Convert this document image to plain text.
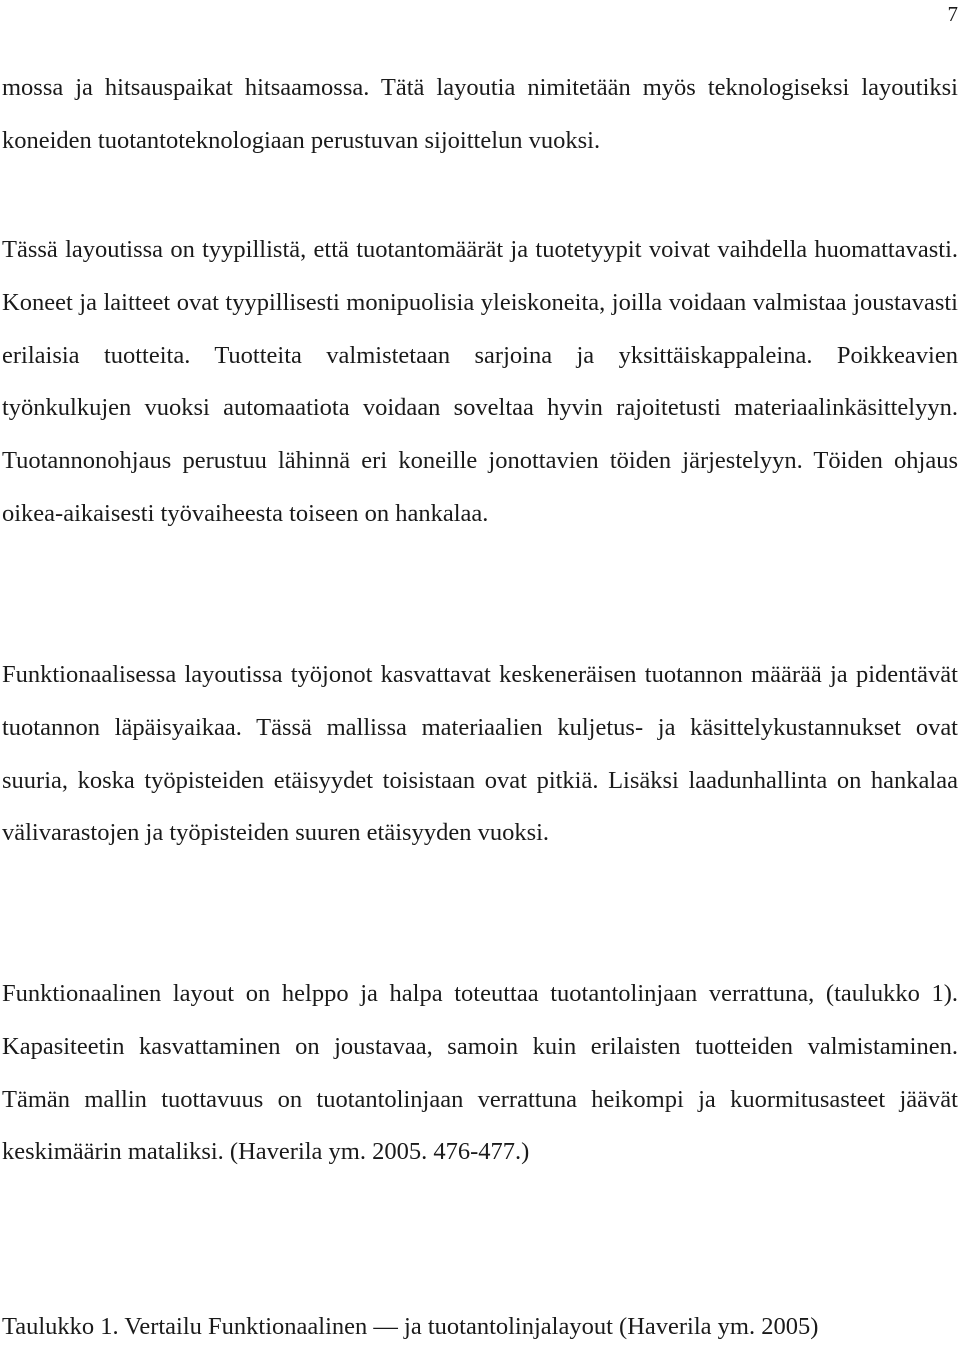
7

mossa ja hitsauspaikat hitsaamossa. Tätä layoutia nimitetään myös teknologiseksi layoutiksi koneiden tuotantoteknologiaan perustuvan sijoittelun vuoksi.

Tässä layoutissa on tyypillistä, että tuotantomäärät ja tuotetyypit voivat vaihdella huomattavasti. Koneet ja laitteet ovat tyypillisesti monipuolisia yleiskoneita, joilla voidaan valmistaa joustavasti erilaisia tuotteita. Tuotteita valmistetaan sarjoina ja yksittäiskappaleina. Poikkeavien työnkulkujen vuoksi automaatiota voidaan soveltaa hyvin rajoitetusti materiaalinkäsittelyyn. Tuotannonohjaus perustuu lähinnä eri koneille jonottavien töiden järjestelyyn. Töiden ohjaus oikea-aikaisesti työvaiheesta toiseen on hankalaa.

Funktionaalisessa layoutissa työjonot kasvattavat keskeneräisen tuotannon määrää ja pidentävät tuotannon läpäisyaikaa. Tässä mallissa materiaalien kuljetus- ja käsittelykustannukset ovat suuria, koska työpisteiden etäisyydet toisistaan ovat pitkiä. Lisäksi laadunhallinta on hankalaa välivarastojen ja työpisteiden suuren etäisyyden vuoksi.

Funktionaalinen layout on helppo ja halpa toteuttaa tuotantolinjaan verrattuna, (taulukko 1). Kapasiteetin kasvattaminen on joustavaa, samoin kuin erilaisten tuotteiden valmistaminen. Tämän mallin tuottavuus on tuotantolinjaan verrattuna heikompi ja kuormitusasteet jäävät keskimäärin mataliksi. (Haverila ym. 2005. 476-477.)

Taulukko 1. Vertailu Funktionaalinen — ja tuotantolinjalayout (Haverila ym. 2005)
